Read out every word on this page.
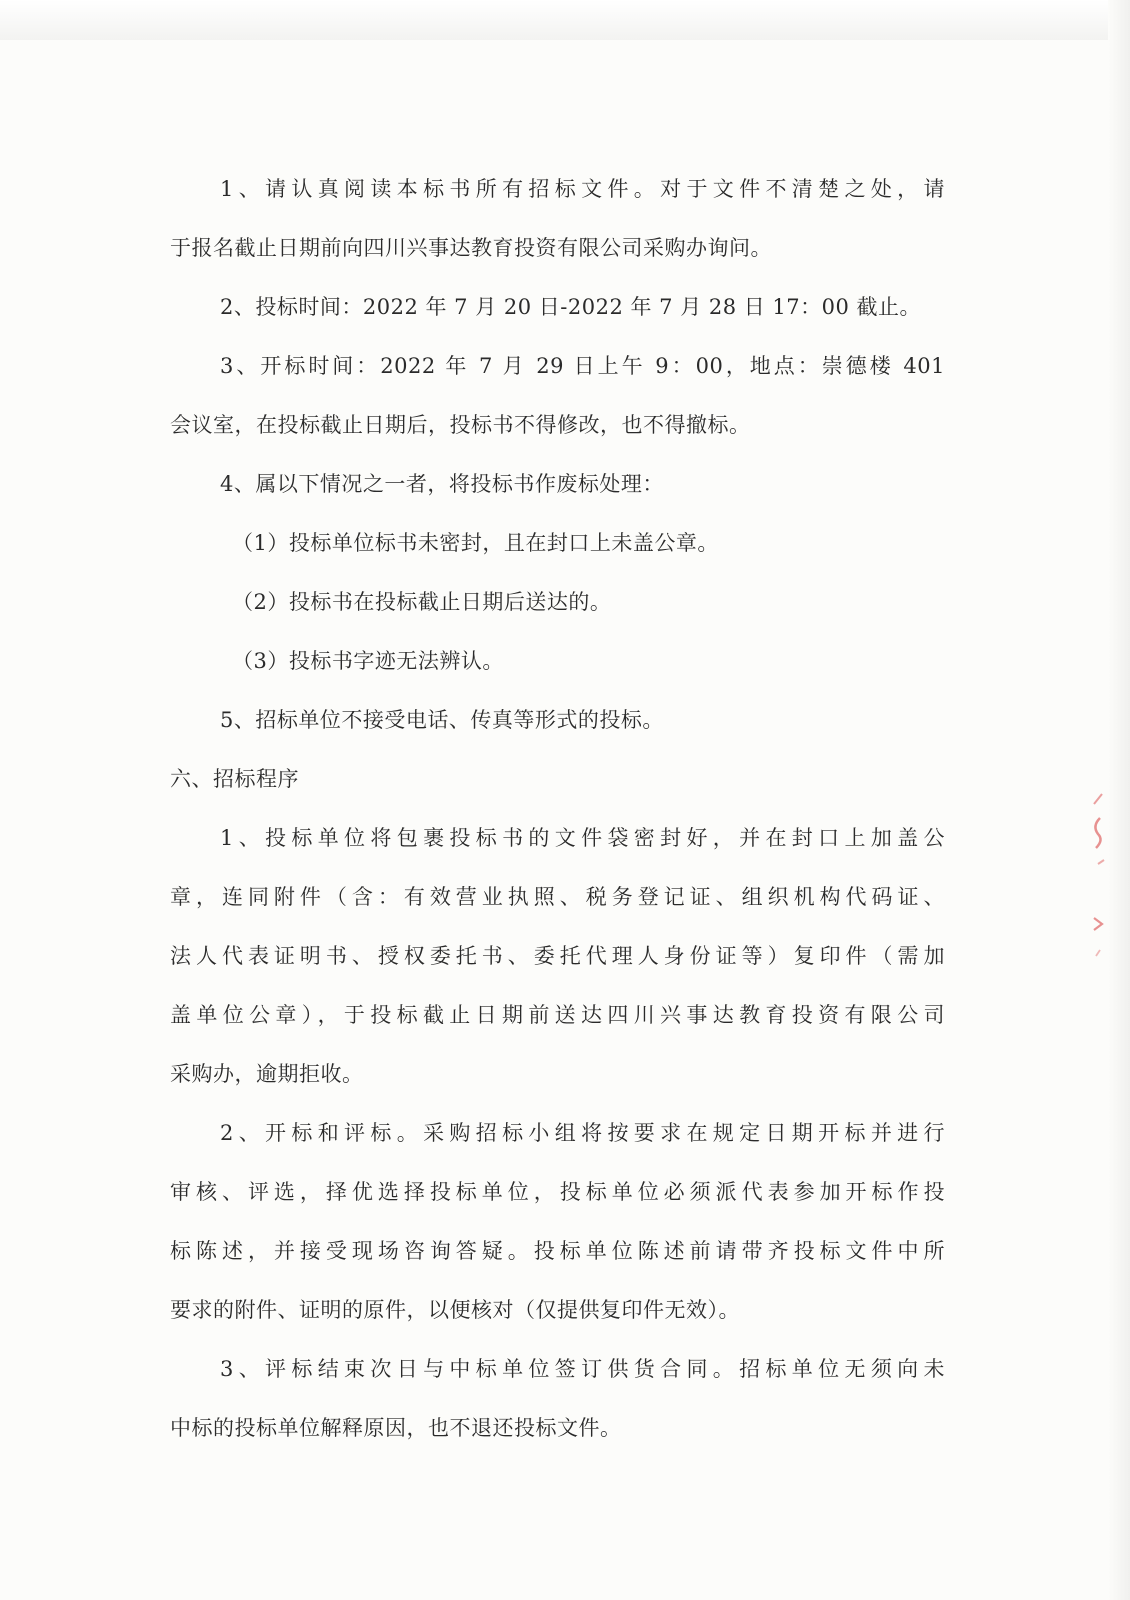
1、请认真阅读本标书所有招标文件。对于文件不清楚之处，请

于报名截止日期前向四川兴事达教育投资有限公司采购办询问。

2、投标时间：2022 年 7 月 20 日-2022 年 7 月 28 日 17：00 截止。

3、开标时间：2022 年 7 月 29 日上午 9：00，地点：崇德楼 401

会议室，在投标截止日期后，投标书不得修改，也不得撤标。

4、属以下情况之一者，将投标书作废标处理：

（1）投标单位标书未密封，且在封口上未盖公章。

（2）投标书在投标截止日期后送达的。

（3）投标书字迹无法辨认。

5、招标单位不接受电话、传真等形式的投标。

六、招标程序

1、投标单位将包裹投标书的文件袋密封好，并在封口上加盖公

章，连同附件（含：有效营业执照、税务登记证、组织机构代码证、

法人代表证明书、授权委托书、委托代理人身份证等）复印件（需加

盖单位公章），于投标截止日期前送达四川兴事达教育投资有限公司

采购办，逾期拒收。

2、开标和评标。采购招标小组将按要求在规定日期开标并进行

审核、评选，择优选择投标单位，投标单位必须派代表参加开标作投

标陈述，并接受现场咨询答疑。投标单位陈述前请带齐投标文件中所

要求的附件、证明的原件，以便核对（仅提供复印件无效）。

3、评标结束次日与中标单位签订供货合同。招标单位无须向未

中标的投标单位解释原因，也不退还投标文件。
